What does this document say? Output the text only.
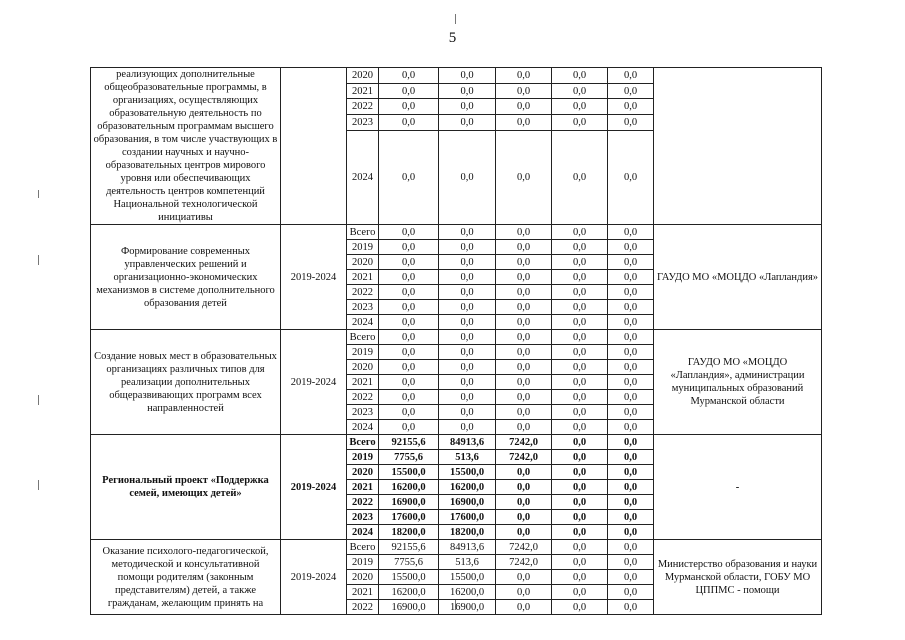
5
реализующих дополнительные общеобразовательные программы, в организациях, осуществляющих образовательную деятельность по образовательным программам высшего образования, в том числе участвующих в создании научных и научно-образовательных центров мирового уровня или обеспечивающих деятельность центров компетенций Национальной технологической инициативы		2020	0,0	0,0	0,0	0,0	0,0	
		2021	0,0	0,0	0,0	0,0	0,0	
		2022	0,0	0,0	0,0	0,0	0,0	
		2023	0,0	0,0	0,0	0,0	0,0	
		2024	0,0	0,0	0,0	0,0	0,0	
Формирование современных управленческих решений и организационно-экономических механизмов в системе дополнительного образования детей	2019-2024	Всего	0,0	0,0	0,0	0,0	0,0	ГАУДО МО «МОЦДО «Лапландия»
		2019	0,0	0,0	0,0	0,0	0,0	
		2020	0,0	0,0	0,0	0,0	0,0	
		2021	0,0	0,0	0,0	0,0	0,0	
		2022	0,0	0,0	0,0	0,0	0,0	
		2023	0,0	0,0	0,0	0,0	0,0	
		2024	0,0	0,0	0,0	0,0	0,0	
Создание новых мест в образовательных организациях различных типов для реализации дополнительных общеразвивающих программ всех направленностей	2019-2024	Всего	0,0	0,0	0,0	0,0	0,0	ГАУДО МО «МОЦДО «Лапландия», администрации муниципальных образований Мурманской области
		2019	0,0	0,0	0,0	0,0	0,0	
		2020	0,0	0,0	0,0	0,0	0,0	
		2021	0,0	0,0	0,0	0,0	0,0	
		2022	0,0	0,0	0,0	0,0	0,0	
		2023	0,0	0,0	0,0	0,0	0,0	
		2024	0,0	0,0	0,0	0,0	0,0	
Региональный проект «Поддержка семей, имеющих детей»	2019-2024	Всего	92155,6	84913,6	7242,0	0,0	0,0	-
		2019	7755,6	513,6	7242,0	0,0	0,0	
		2020	15500,0	15500,0	0,0	0,0	0,0	
		2021	16200,0	16200,0	0,0	0,0	0,0	
		2022	16900,0	16900,0	0,0	0,0	0,0	
		2023	17600,0	17600,0	0,0	0,0	0,0	
		2024	18200,0	18200,0	0,0	0,0	0,0	
Оказание психолого-педагогической, методической и консультативной помощи родителям (законным представителям) детей, а также гражданам, желающим принять на	2019-2024	Всего	92155,6	84913,6	7242,0	0,0	0,0	Министерство образования и науки Мурманской области, ГОБУ МО ЦППМС - помощи
		2019	7755,6	513,6	7242,0	0,0	0,0	
		2020	15500,0	15500,0	0,0	0,0	0,0	
		2021	16200,0	16200,0	0,0	0,0	0,0	
		2022	16900,0	16900,0	0,0	0,0	0,0	
